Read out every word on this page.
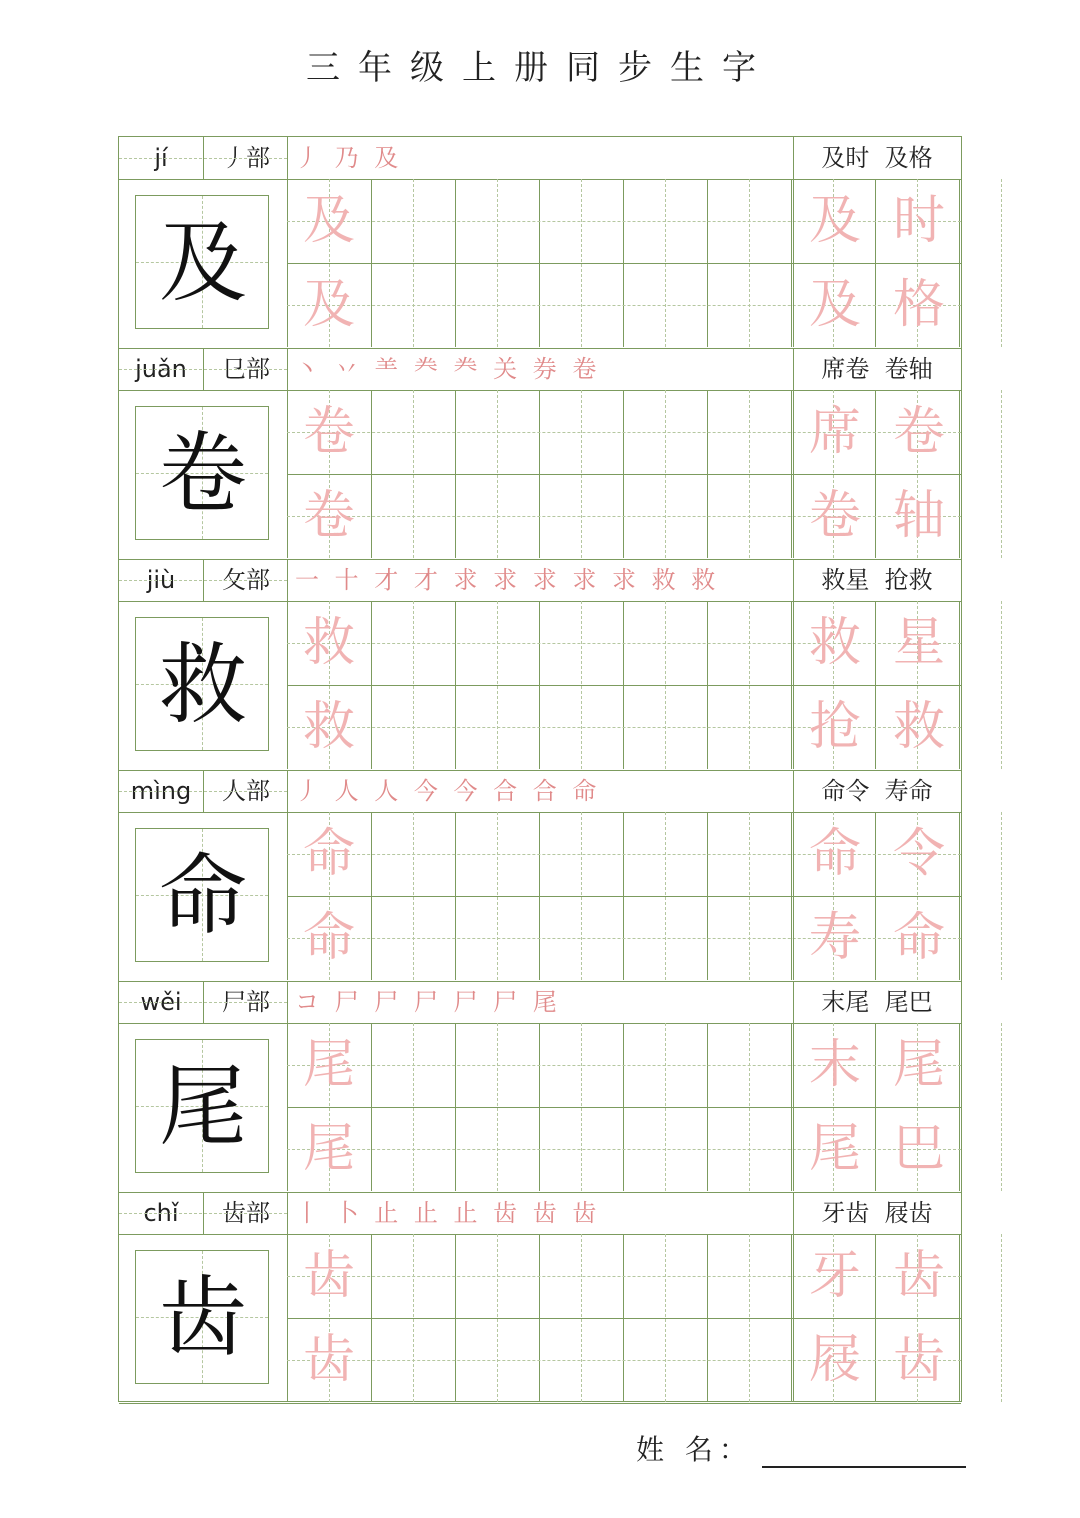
三年级上册同步生字
jí	丿部	丿 乃 及	及时  及格
及	及
及
及 时
及 格
juǎn	㔾部	丶 丷 ⺷ 龹 龹 关 券 卷	席卷  卷轴
卷	卷
卷
席 卷
卷 轴
jiù	攵部	一 十 才 才 求 求 求 求 求 救 救	救星  抢救
救	救
救
救 星
抢 救
mìng	人部	丿 人 人 今 今 合 合 命	命令  寿命
命	命
命
命 令
寿 命
wěi	尸部	コ 尸 尸 尸 尸 尸 尾	末尾  尾巴
尾	尾
尾
末 尾
尾 巴
chǐ	齿部	丨 卜 止 止 止 齿 齿 齿	牙齿  屐齿
齿	齿
齿
牙 齿
屐 齿
姓 名：
